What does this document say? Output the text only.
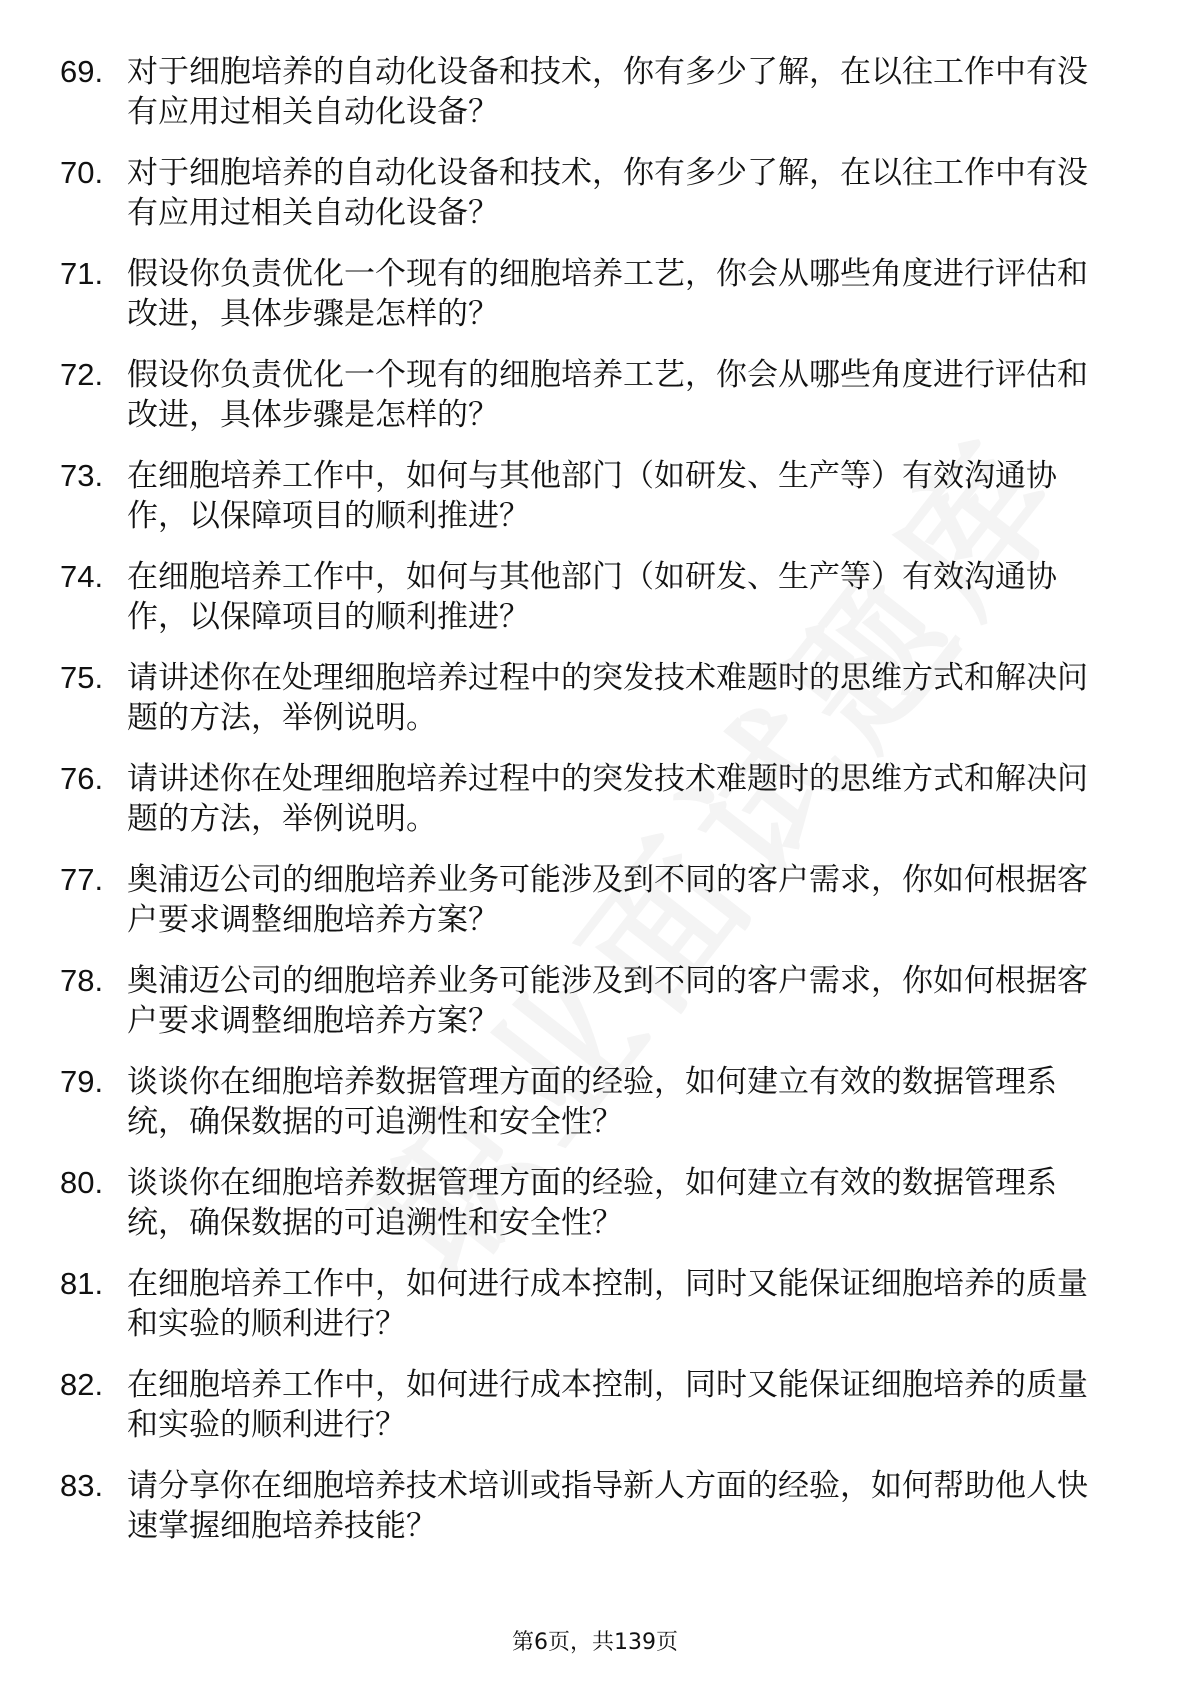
69. 对于细胞培养的自动化设备和技术，你有多少了解，在以往工作中有没有应用过相关自动化设备？
70. 对于细胞培养的自动化设备和技术，你有多少了解，在以往工作中有没有应用过相关自动化设备？
71. 假设你负责优化一个现有的细胞培养工艺，你会从哪些角度进行评估和改进，具体步骤是怎样的？
72. 假设你负责优化一个现有的细胞培养工艺，你会从哪些角度进行评估和改进，具体步骤是怎样的？
73. 在细胞培养工作中，如何与其他部门（如研发、生产等）有效沟通协作，以保障项目的顺利推进？
74. 在细胞培养工作中，如何与其他部门（如研发、生产等）有效沟通协作，以保障项目的顺利推进？
75. 请讲述你在处理细胞培养过程中的突发技术难题时的思维方式和解决问题的方法，举例说明。
76. 请讲述你在处理细胞培养过程中的突发技术难题时的思维方式和解决问题的方法，举例说明。
77. 奥浦迈公司的细胞培养业务可能涉及到不同的客户需求，你如何根据客户要求调整细胞培养方案？
78. 奥浦迈公司的细胞培养业务可能涉及到不同的客户需求，你如何根据客户要求调整细胞培养方案？
79. 谈谈你在细胞培养数据管理方面的经验，如何建立有效的数据管理系统，确保数据的可追溯性和安全性？
80. 谈谈你在细胞培养数据管理方面的经验，如何建立有效的数据管理系统，确保数据的可追溯性和安全性？
81. 在细胞培养工作中，如何进行成本控制，同时又能保证细胞培养的质量和实验的顺利进行？
82. 在细胞培养工作中，如何进行成本控制，同时又能保证细胞培养的质量和实验的顺利进行？
83. 请分享你在细胞培养技术培训或指导新人方面的经验，如何帮助他人快速掌握细胞培养技能？
第6页，共139页
